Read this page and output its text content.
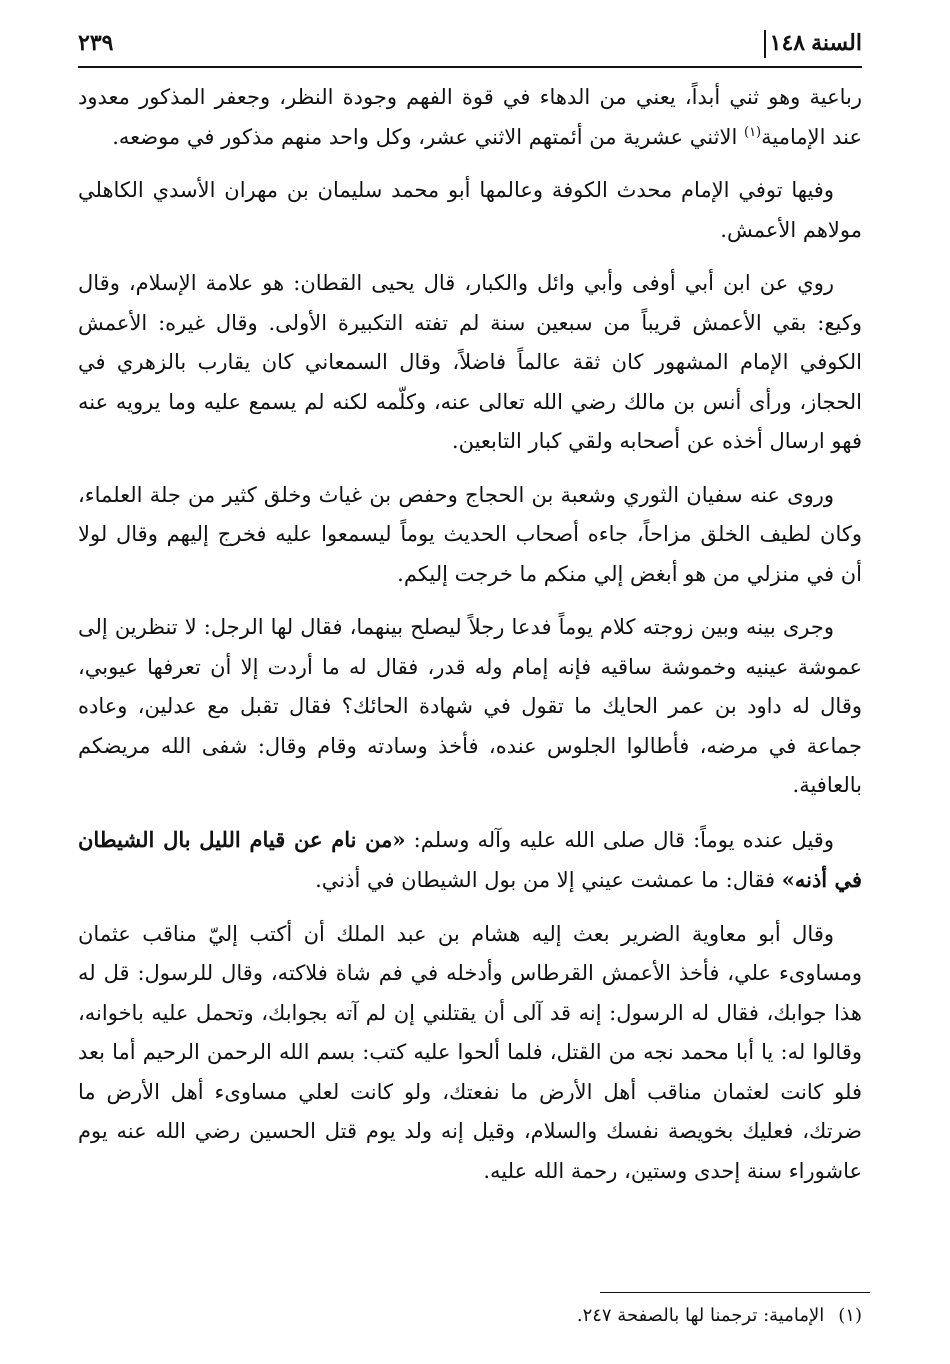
السنة١٤٨
٢٣٩

رباعية وهو ثني أبداً، يعني من الدهاء في قوة الفهم وجودة النظر، وجعفر المذكور معدود عند الإمامية$^{(١)}$ الاثني عشرية من أئمتهم الاثني عشر، وكل واحد منهم مذكور في موضعه.

وفيها توفي الإمام محدث الكوفة وعالمها أبو محمد سليمان بن مهران الأسدي الكاهلي مولاهم الأعمش.

روي عن ابن أبي أوفى وأبي وائل والكبار، قال يحيى القطان: هو علامة الإسلام، وقال وكيع: بقي الأعمش قريباً من سبعين سنة لم تفته التكبيرة الأولى. وقال غيره: الأعمش الكوفي الإمام المشهور كان ثقة عالماً فاضلاً، وقال السمعاني كان يقارب بالزهري في الحجاز، ورأى أنس بن مالك رضي الله تعالى عنه، وكلّمه لكنه لم يسمع عليه وما يرويه عنه فهو ارسال أخذه عن أصحابه ولقي كبار التابعين.

وروى عنه سفيان الثوري وشعبة بن الحجاج وحفص بن غياث وخلق كثير من جلة العلماء، وكان لطيف الخلق مزاحاً، جاءه أصحاب الحديث يوماً ليسمعوا عليه فخرج إليهم وقال لولا أن في منزلي من هو أبغض إلي منكم ما خرجت إليكم.

وجرى بينه وبين زوجته كلام يوماً فدعا رجلاً ليصلح بينهما، فقال لها الرجل: لا تنظرين إلى عموشة عينيه وخموشة ساقيه فإنه إمام وله قدر، فقال له ما أردت إلا أن تعرفها عيوبي، وقال له داود بن عمر الحايك ما تقول في شهادة الحائك؟ فقال تقبل مع عدلين، وعاده جماعة في مرضه، فأطالوا الجلوس عنده، فأخذ وسادته وقام وقال: شفى الله مريضكم بالعافية.

وقيل عنده يوماً: قال صلى الله عليه وآله وسلم: «من نام عن قيام الليل بال الشيطان في أذنه» فقال: ما عمشت عيني إلا من بول الشيطان في أذني.

وقال أبو معاوية الضرير بعث إليه هشام بن عبد الملك أن أكتب إليّ مناقب عثمان ومساوىء علي، فأخذ الأعمش القرطاس وأدخله في فم شاة فلاكته، وقال للرسول: قل له هذا جوابك، فقال له الرسول: إنه قد آلى أن يقتلني إن لم آته بجوابك، وتحمل عليه باخوانه، وقالوا له: يا أبا محمد نجه من القتل، فلما ألحوا عليه كتب: بسم الله الرحمن الرحيم أما بعد فلو كانت لعثمان مناقب أهل الأرض ما نفعتك، ولو كانت لعلي مساوىء أهل الأرض ما ضرتك، فعليك بخويصة نفسك والسلام، وقيل إنه ولد يوم قتل الحسين رضي الله عنه يوم عاشوراء سنة إحدى وستين، رحمة الله عليه.

(١)الإمامية: ترجمنا لها بالصفحة ٢٤٧.
